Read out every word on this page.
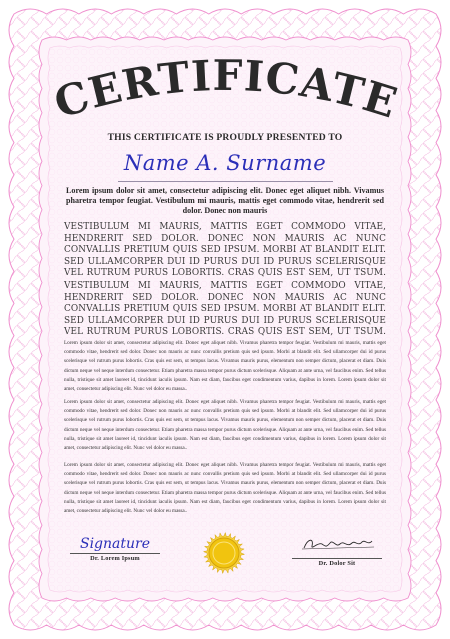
CERTIFICATE

THIS CERTIFICATE IS PROUDLY PRESENTED TO

Name A. Surname

Lorem ipsum dolor sit amet, consectetur adipiscing elit. Donec eget aliquet nibh. Vivamus pharetra tempor feugiat. Vestibulum mi mauris, mattis eget commodo vitae, hendrerit sed dolor. Donec non mauris

VESTIBULUM MI MAURIS, MATTIS EGET COMMODO VITAE, HENDRERIT SED DOLOR. DONEC NON MAURIS AC NUNC CONVALLIS PRETIUM QUIS SED IPSUM. MORBI AT BLANDIT ELIT. SED ULLAMCORPER DUI ID PURUS DUI ID PURUS SCELERISQUE VEL RUTRUM PURUS LOBORTIS. CRAS QUIS EST SEM, UT TSUM.

VESTIBULUM MI MAURIS, MATTIS EGET COMMODO VITAE, HENDRERIT SED DOLOR. DONEC NON MAURIS AC NUNC CONVALLIS PRETIUM QUIS SED IPSUM. MORBI AT BLANDIT ELIT. SED ULLAMCORPER DUI ID PURUS DUI ID PURUS SCELERISQUE VEL RUTRUM PURUS LOBORTIS. CRAS QUIS EST SEM, UT TSUM.

Lorem ipsum dolor sit amet, consectetur adipiscing elit. Donec eget aliquet nibh. Vivamus pharetra tempor feugiat. Vestibulum mi mauris, mattis eget commodo vitae, hendrerit sed dolor. Donec non mauris ac nunc convallis pretium quis sed ipsum. Morbi at blandit elit. Sed ullamcorper dui id purus scelerisque vel rutrum purus lobortis. Cras quis est sem, ut tempus lacus. Vivamus mauris purus, elementum non semper dictum, placerat et diam. Duis dictum neque vel neque interdum consectetur. Etiam pharetra massa tempor purus dictum scelerisque. Aliquam at ante urna, vel faucibus enim. Sed tellus nulla, tristique sit amet laoreet id, tincidunt iaculis ipsum. Nam est diam, faucibus eget condimentum varius, dapibus in lorem. Lorem ipsum dolor sit amet, consectetur adipiscing elit. Nunc vel dolor eu massa..

Lorem ipsum dolor sit amet, consectetur adipiscing elit. Donec eget aliquet nibh. Vivamus pharetra tempor feugiat. Vestibulum mi mauris, mattis eget commodo vitae, hendrerit sed dolor. Donec non mauris ac nunc convallis pretium quis sed ipsum. Morbi at blandit elit. Sed ullamcorper dui id purus scelerisque vel rutrum purus lobortis. Cras quis est sem, ut tempus lacus. Vivamus mauris purus, elementum non semper dictum, placerat et diam. Duis dictum neque vel neque interdum consectetur. Etiam pharetra massa tempor purus dictum scelerisque. Aliquam at ante urna, vel faucibus enim. Sed tellus nulla, tristique sit amet laoreet id, tincidunt iaculis ipsum. Nam est diam, faucibus eget condimentum varius, dapibus in lorem. Lorem ipsum dolor sit amet, consectetur adipiscing elit. Nunc vel dolor eu massa..

Lorem ipsum dolor sit amet, consectetur adipiscing elit. Donec eget aliquet nibh. Vivamus pharetra tempor feugiat. Vestibulum mi mauris, mattis eget commodo vitae, hendrerit sed dolor. Donec non mauris ac nunc convallis pretium quis sed ipsum. Morbi at blandit elit. Sed ullamcorper dui id purus scelerisque vel rutrum purus lobortis. Cras quis est sem, ut tempus lacus. Vivamus mauris purus, elementum non semper dictum, placerat et diam. Duis dictum neque vel neque interdum consectetur. Etiam pharetra massa tempor purus dictum scelerisque. Aliquam at ante urna, vel faucibus enim. Sed tellus nulla, tristique sit amet laoreet id, tincidunt iaculis ipsum. Nam est diam, faucibus eget condimentum varius, dapibus in lorem. Lorem ipsum dolor sit amet, consectetur adipiscing elit. Nunc vel dolor eu massa..

Signature

Dr. Lorem Ipsum

Dr. Dolor Sit
